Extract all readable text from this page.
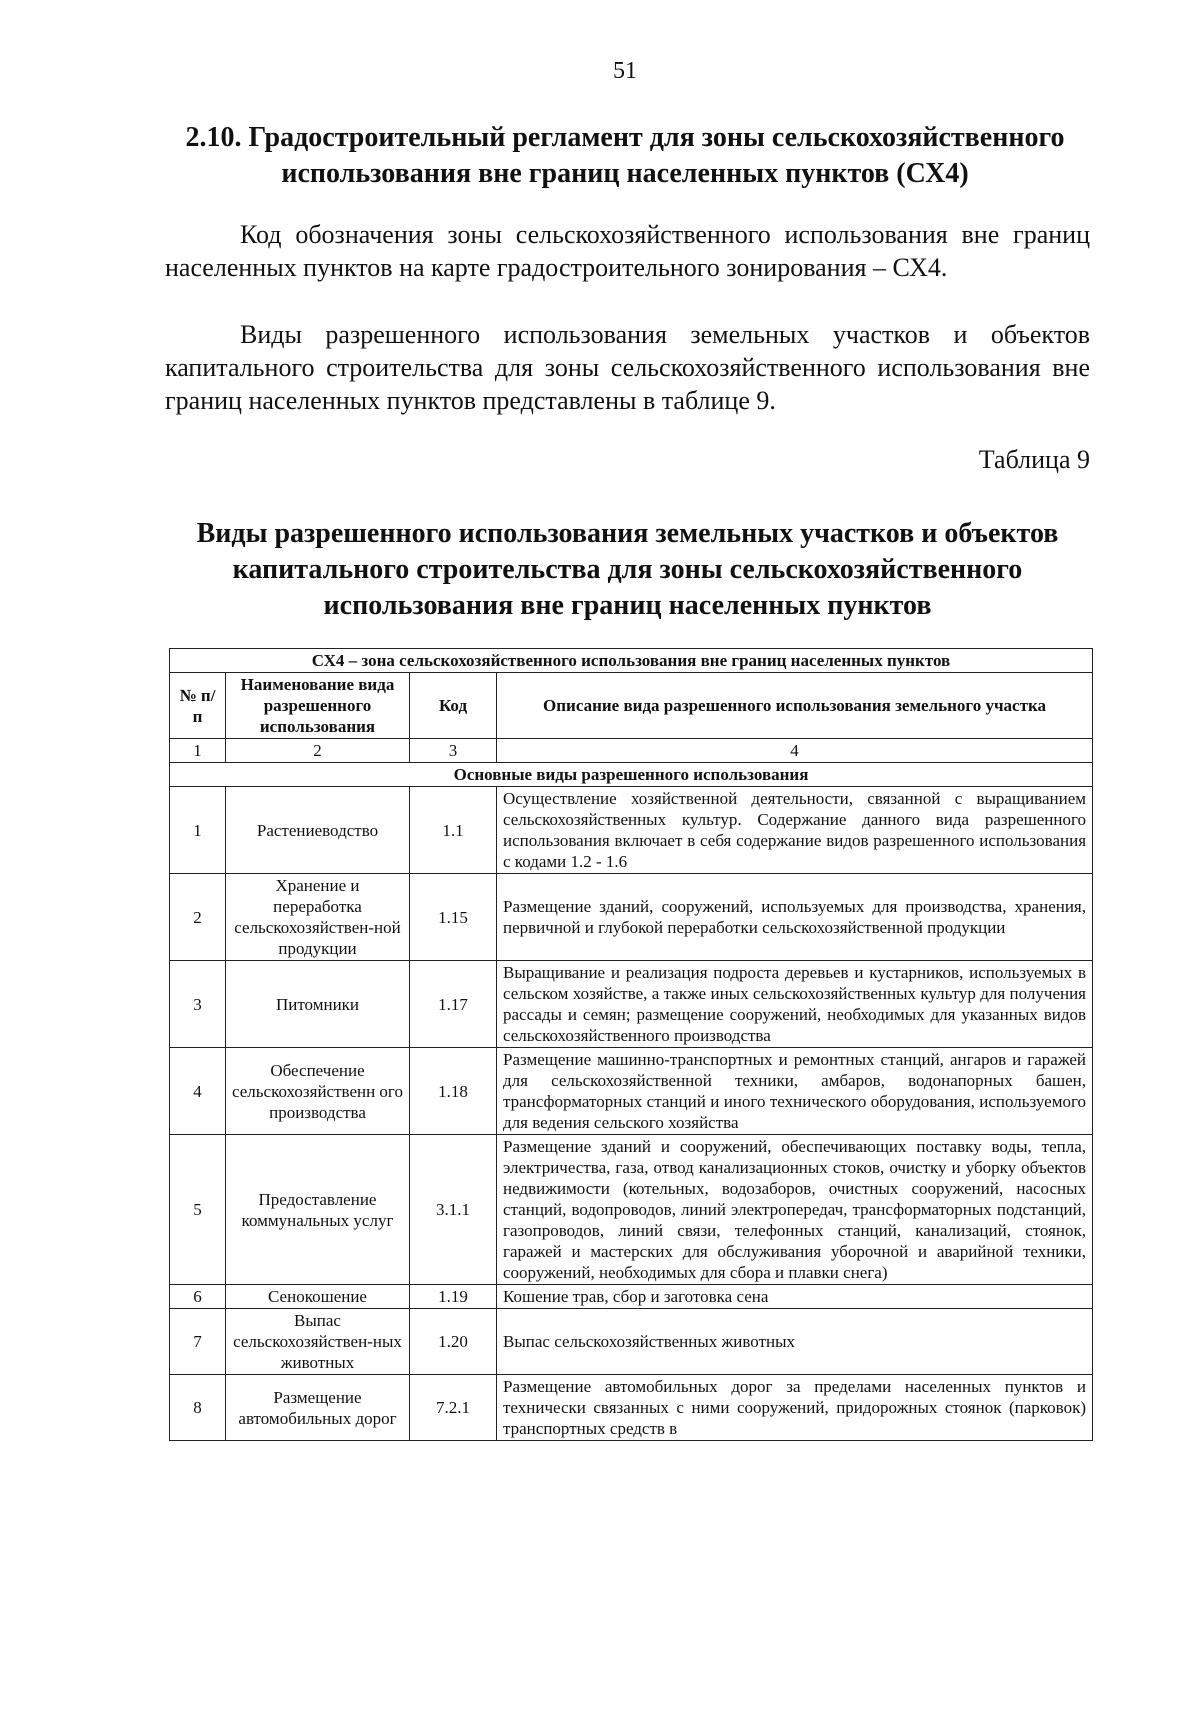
51
2.10. Градостроительный регламент для зоны сельскохозяйственного использования вне границ населенных пунктов (СХ4)
Код обозначения зоны сельскохозяйственного использования вне границ населенных пунктов на карте градостроительного зонирования – СХ4.
Виды разрешенного использования земельных участков и объектов капитального строительства для зоны сельскохозяйственного использования вне границ населенных пунктов представлены в таблице 9.
Таблица 9
Виды разрешенного использования земельных участков и объектов капитального строительства для зоны сельскохозяйственного использования вне границ населенных пунктов
СХ4 – зона сельскохозяйственного использования вне границ населенных пунктов			
№ п/п	Наименование вида разрешенного использования	Код	Описание вида разрешенного использования земельного участка
1	2	3	4
Основные виды разрешенного использования			
1	Растениеводство	1.1	Осуществление хозяйственной деятельности, связанной с выращиванием сельскохозяйственных культур. Содержание данного вида разрешенного использования включает в себя содержание видов разрешенного использования с кодами 1.2 - 1.6
2	Хранение и переработка сельскохозяйствен-ной продукции	1.15	Размещение зданий, сооружений, используемых для производства, хранения, первичной и глубокой переработки сельскохозяйственной продукции
3	Питомники	1.17	Выращивание и реализация подроста деревьев и кустарников, используемых в сельском хозяйстве, а также иных сельскохозяйственных культур для получения рассады и семян; размещение сооружений, необходимых для указанных видов сельскохозяйственного производства
4	Обеспечение сельскохозяйственн ого производства	1.18	Размещение машинно-транспортных и ремонтных станций, ангаров и гаражей для сельскохозяйственной техники, амбаров, водонапорных башен, трансформаторных станций и иного технического оборудования, используемого для ведения сельского хозяйства
5	Предоставление коммунальных услуг	3.1.1	Размещение зданий и сооружений, обеспечивающих поставку воды, тепла, электричества, газа, отвод канализационных стоков, очистку и уборку объектов недвижимости (котельных, водозаборов, очистных сооружений, насосных станций, водопроводов, линий электропередач, трансформаторных подстанций, газопроводов, линий связи, телефонных станций, канализаций, стоянок, гаражей и мастерских для обслуживания уборочной и аварийной техники, сооружений, необходимых для сбора и плавки снега)
6	Сенокошение	1.19	Кошение трав, сбор и заготовка сена
7	Выпас сельскохозяйствен-ных животных	1.20	Выпас сельскохозяйственных животных
8	Размещение автомобильных дорог	7.2.1	Размещение автомобильных дорог за пределами населенных пунктов и технически связанных с ними сооружений, придорожных стоянок (парковок) транспортных средств в
